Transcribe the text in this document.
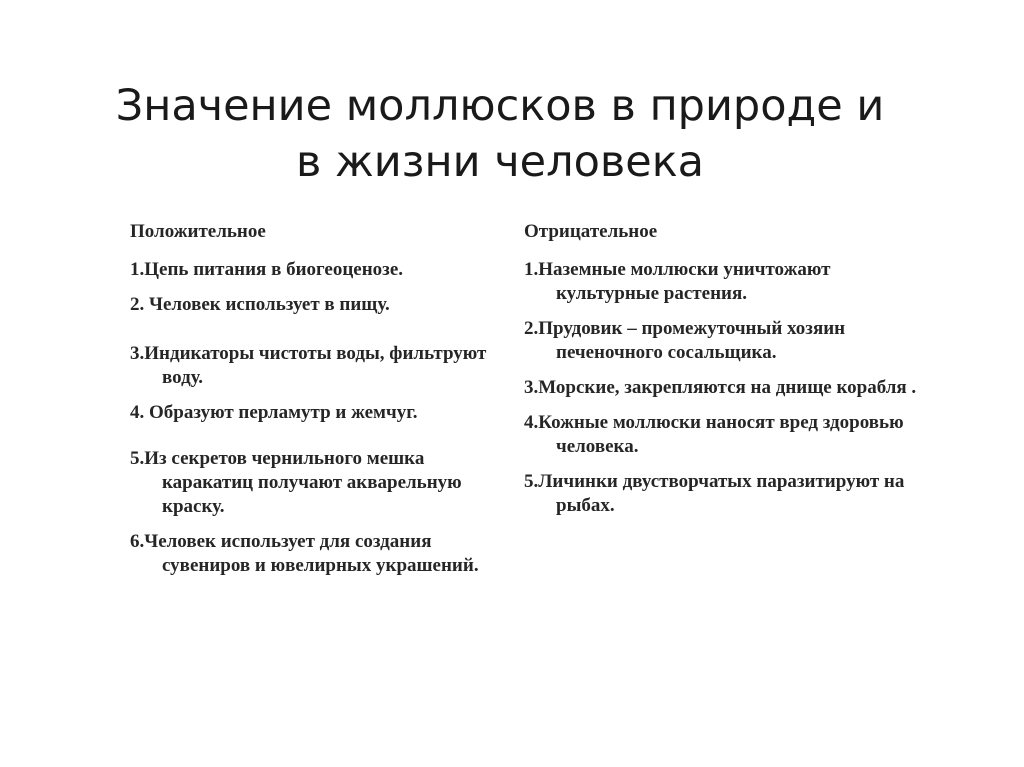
Значение моллюсков в природе и
в жизни человека
Положительное
1.Цепь питания в биогеоценозе.
2. Человек использует в пищу.
3.Индикаторы чистоты воды, фильтруют воду.
4. Образуют перламутр и жемчуг.
5.Из секретов чернильного мешка каракатиц получают акварельную краску.
6.Человек использует для создания сувениров и ювелирных украшений.
Отрицательное
1.Наземные моллюски уничтожают культурные растения.
2.Прудовик – промежуточный хозяин печеночного сосальщика.
3.Морские, закрепляются на днище корабля .
4.Кожные моллюски наносят вред здоровью человека.
5.Личинки двустворчатых паразитируют на рыбах.
